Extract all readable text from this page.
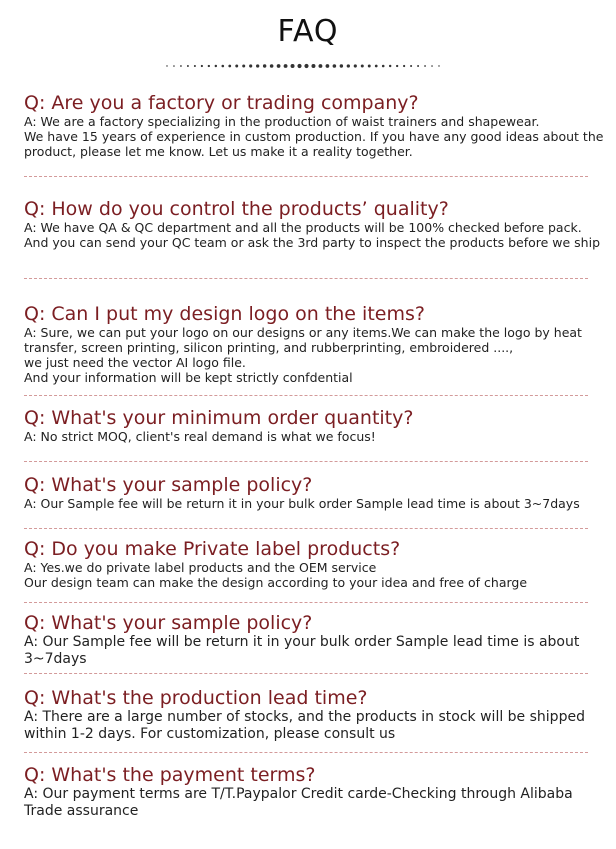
FAQ
Q: Are you a factory or trading company?
A: We are a factory specializing in the production of waist trainers and shapewear.
We have 15 years of experience in custom production. If you have any good ideas about the product, please let me know. Let us make it a reality together.
Q: How do you control the products’ quality?
A: We have QA & QC department and all the products will be 100% checked before pack.
And you can send your QC team or ask the 3rd party to inspect the products before we ship
Q: Can I put my design logo on the items?
A: Sure, we can put your logo on our designs or any items.We can make the logo by heat transfer, screen printing, silicon printing, and rubberprinting, embroidered ....,
we just need the vector AI logo file.
And your information will be kept strictly confdential
Q: What's your minimum order quantity?
A: No strict MOQ, client's real demand is what we focus!
Q: What's your sample policy?
A: Our Sample fee will be return it in your bulk order Sample lead time is about 3~7days
Q: Do you make Private label products?
A: Yes.we do private label products and the OEM service
Our design team can make the design according to your idea and free of charge
Q: What's your sample policy?
A: Our Sample fee will be return it in your bulk order Sample lead time is about 3~7days
Q: What's the production lead time?
A: There are a large number of stocks, and the products in stock will be shipped within 1-2 days. For customization, please consult us
Q: What's the payment terms?
A: Our payment terms are T/T.Paypalor Credit carde-Checking through Alibaba Trade assurance
